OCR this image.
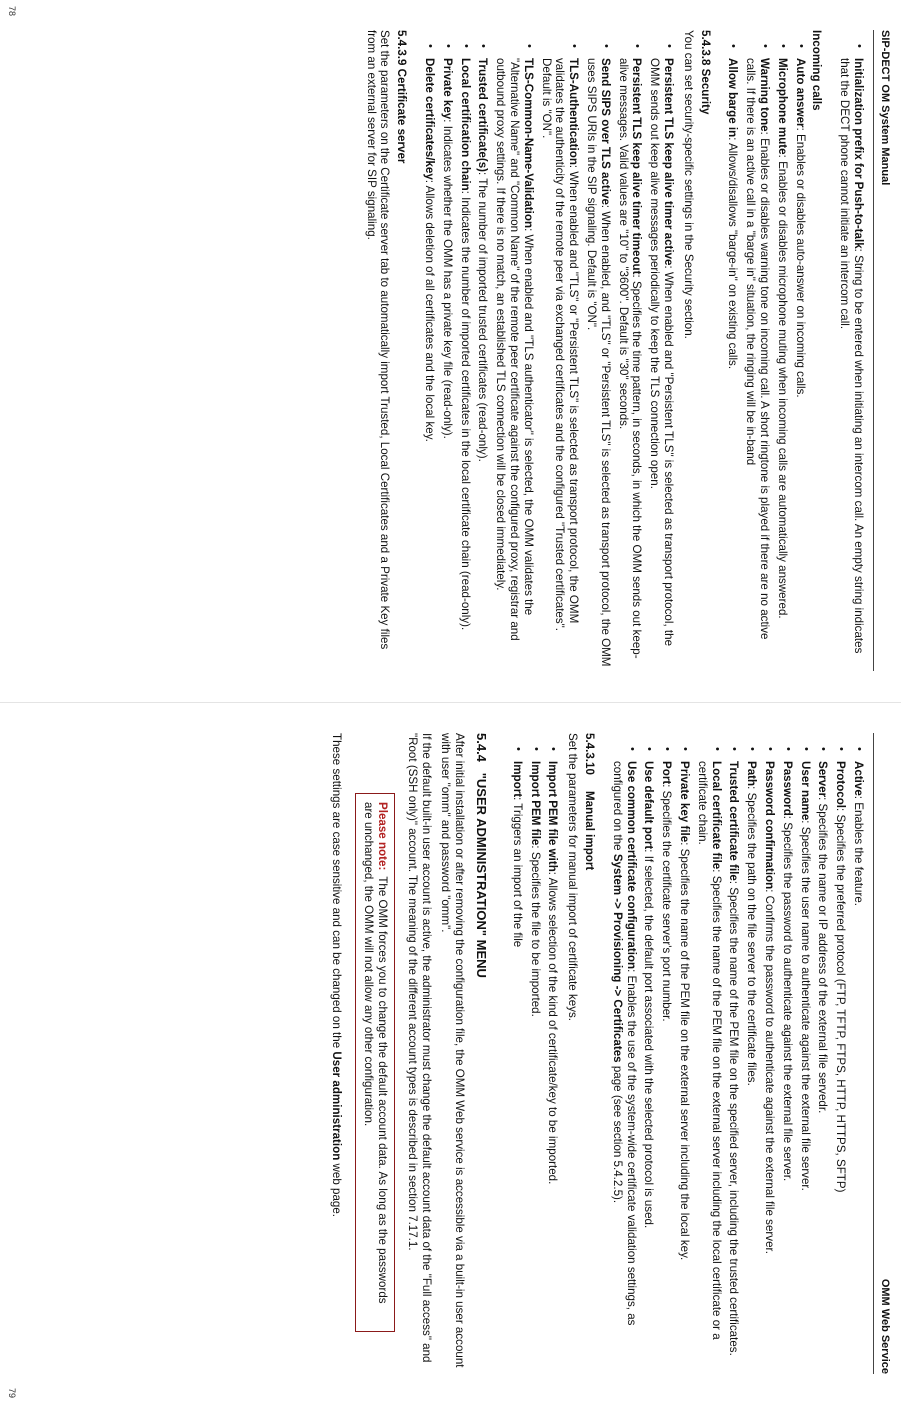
SIP-DECT OM System Manual
• Initialization prefix for Push-to-talk: String to be entered when initiating an intercom call. An empty string indicates that the DECT phone cannot initiate an intercom call.
Incoming calls
• Auto answer: Enables or disables auto-answer on incoming calls.
• Microphone mute: Enables or disables microphone muting when incoming calls are automatically answered.
• Warning tone: Enables or disables warning tone on incoming call. A short ringtone is played if there are no active calls. If there is an active call in a "barge in" situation, the ringing will be in-band
• Allow barge in: Allows/disallows "barge-in" on existing calls.
5.4.3.8 Security

You can set security-specific settings in the Security section.

• Persistent TLS keep alive timer active: When enabled and "Persistent TLS" is selected as transport protocol, the OMM sends out keep alive messages periodically to keep the TLS connection open.
• Persistent TLS keep alive timer timeout: Specifies the time pattern, in seconds, in which the OMM sends out keep-alive messages. Valid values are "10" to "3600". Default is "30" seconds.
• Send SIPS over TLS active: When enabled, and "TLS" or "Persistent TLS" is selected as transport protocol, the OMM uses SIPS URIs in the SIP signaling. Default is "ON".
• TLS-Authentication: When enabled and "TLS" or "Persistent TLS" is selected as transport protocol, the OMM validates the authenticity of the remote peer via exchanged certificates and the configured "Trusted certificates". Default is "ON".
• TLS-Common-Name-Validation: When enabled and "TLS authenticator" is selected, the OMM validates the "Alternative Name" and "Common Name" of the remote peer certificate against the configured proxy, registrar and outbound proxy settings. If there is no match, an established TLS connection will be closed immediately.
• Trusted certificate(s): The number of imported trusted certificates (read-only).
• Local certification chain: Indicates the number of imported certificates in the local certificate chain (read-only).
• Private key: Indicates whether the OMM has a private key file (read-only).
• Delete certificates/key: Allows deletion of all certificates and the local key.
5.4.3.9 Certificate server

Set the parameters on the Certificate server tab to automatically import Trusted, Local Certificates and a Private Key files from an external server for SIP signaling.

78
OMM Web Service
• Active: Enables the feature.
• Protocol: Specifies the preferred protocol (FTP, TFTP, FTPS, HTTP, HTTPS, SFTP)
• Server: Specifies the name or IP address of the external file servedr.
• User name: Specifies the user name to authenticate against the external file server.
• Password: Specifies the password to authenticate against the external file server.
• Password confirmation: Confirms the password to authenticate against the external file server.
• Path: Specifies the path on the file server to the certificate files.
• Trusted certificate file: Specifies the name of the PEM file on the specified server, including the trusted certificates.
• Local certificate file: Specifies the name of the PEM file on the external server including the local certificate or a certificate chain.
• Private key file: Specifies the name of the PEM file on the external server including the local key.
• Port: Specifies the certificate server's port number.
• Use default port: If selected, the default port associated with the selected protocol is used.
• Use common certificate configuration: Enables the use of the system-wide certificate validation settings, as configured on the System -> Provisioning -> Certificates page (see section 5.4.2.5).
5.4.3.10     Manual import

Set the parameters for manual import of certificate keys.

• Import PEM file with: Allows selection of the kind of certificate/key to be imported.
• Import PEM file: Specifies the file to be imported.
• Import: Triggers an import of the file
5.4.4   "USER ADMINISTRATION" MENU

After initial installation or after removing the configuration file, the OMM Web service is accessible via a built-in user account with user "omm" and password "omm".

If the default built-in user account is active, the administrator must change the default account data of the "Full access" and "Root (SSH only)" account. The meaning of the different account types is described in section 7.17.1.

Please note:The OMM forces you to change the default account data. As long as the passwords are unchanged, the OMM will not allow any other configuration.

These settings are case sensitive and can be changed on the User administration web page.

79
